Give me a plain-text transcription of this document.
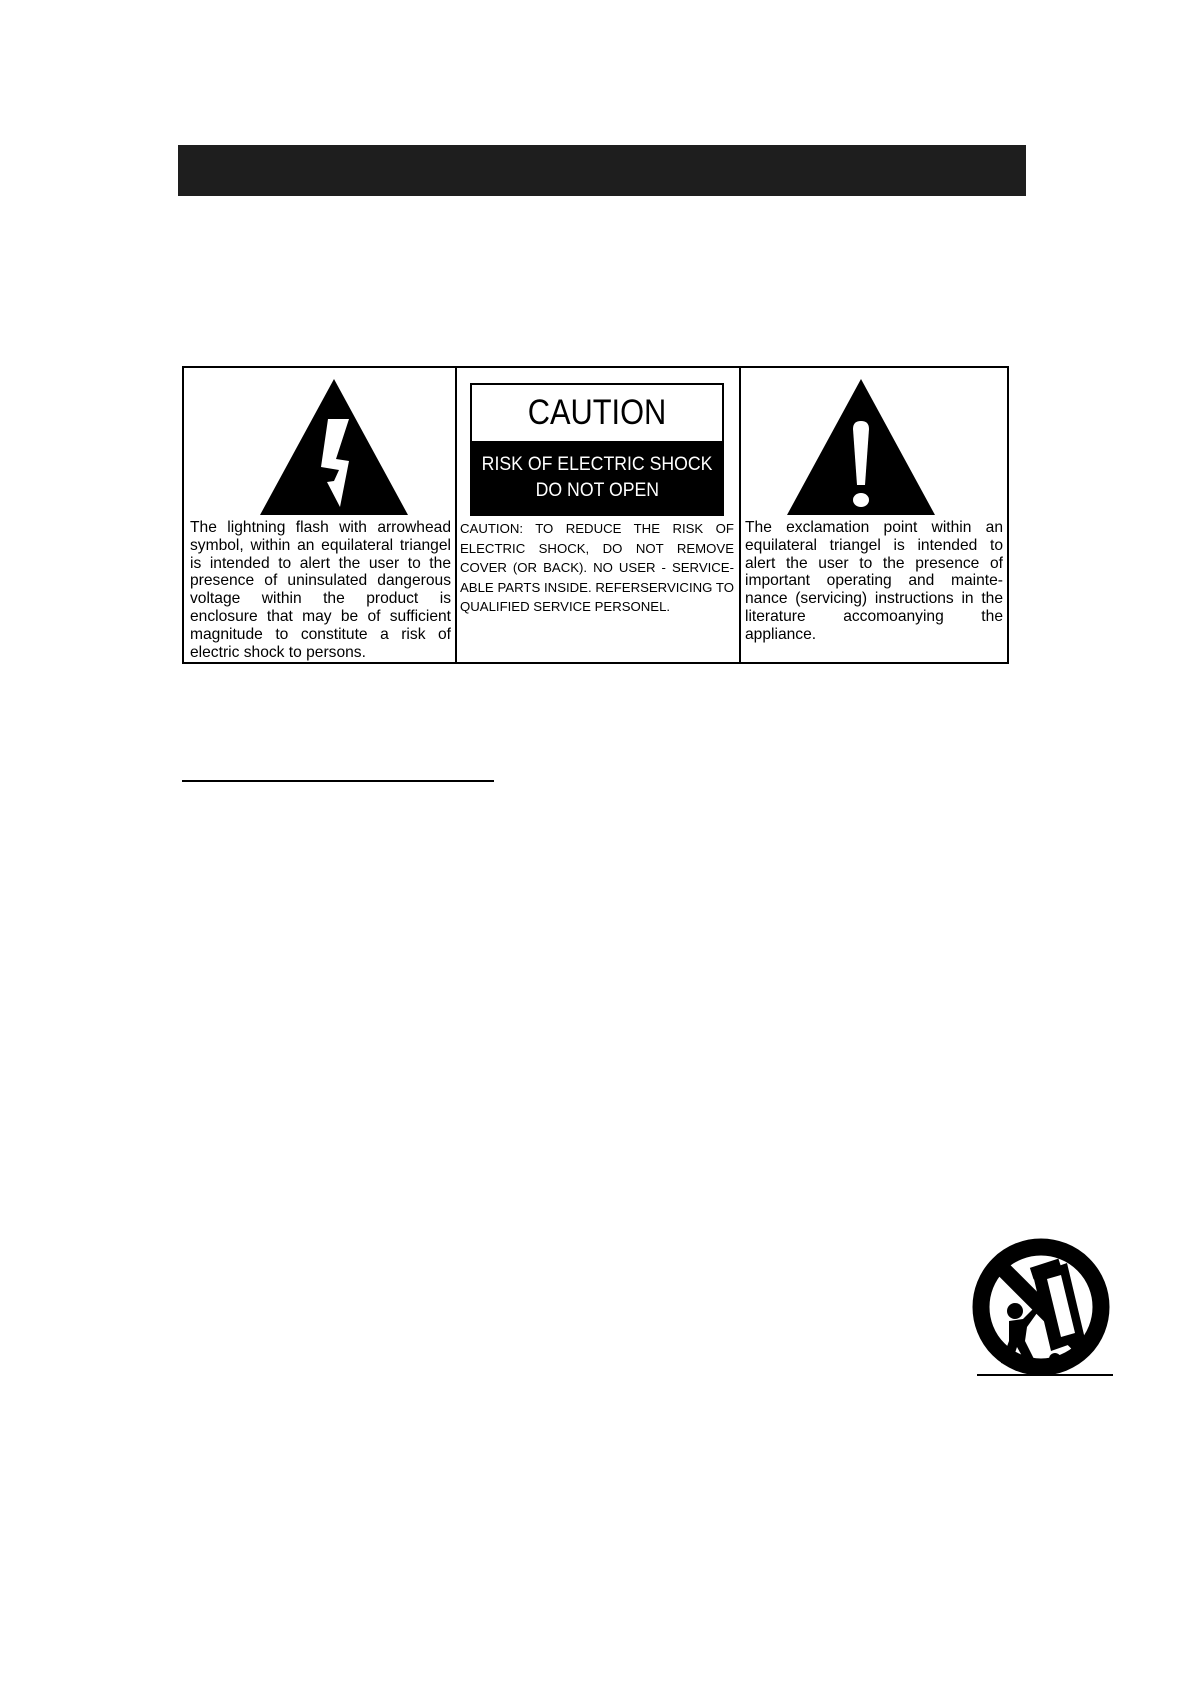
The lightning flash with arrowhead symbol, within an equilateral triangel is intended to alert the user to the presence of uninsulated dangerous voltage within the product is enclosure that may be of sufficient magnitude to constitute a risk of electric shock to persons.

CAUTION
RISK OF ELECTRIC SHOCK
DO NOT OPEN

CAUTION: TO REDUCE THE RISK OF ELECTRIC SHOCK, DO NOT REMOVE COVER (OR BACK). NO USER - SERVICE-ABLE PARTS INSIDE. REFERSERVICING TO QUALIFIED SERVICE PERSONEL.

The exclamation point within an equilateral triangel is intended to alert the user to the presence of important operating and mainte-nance (servicing) instructions in the literature accomoanying the appliance.
